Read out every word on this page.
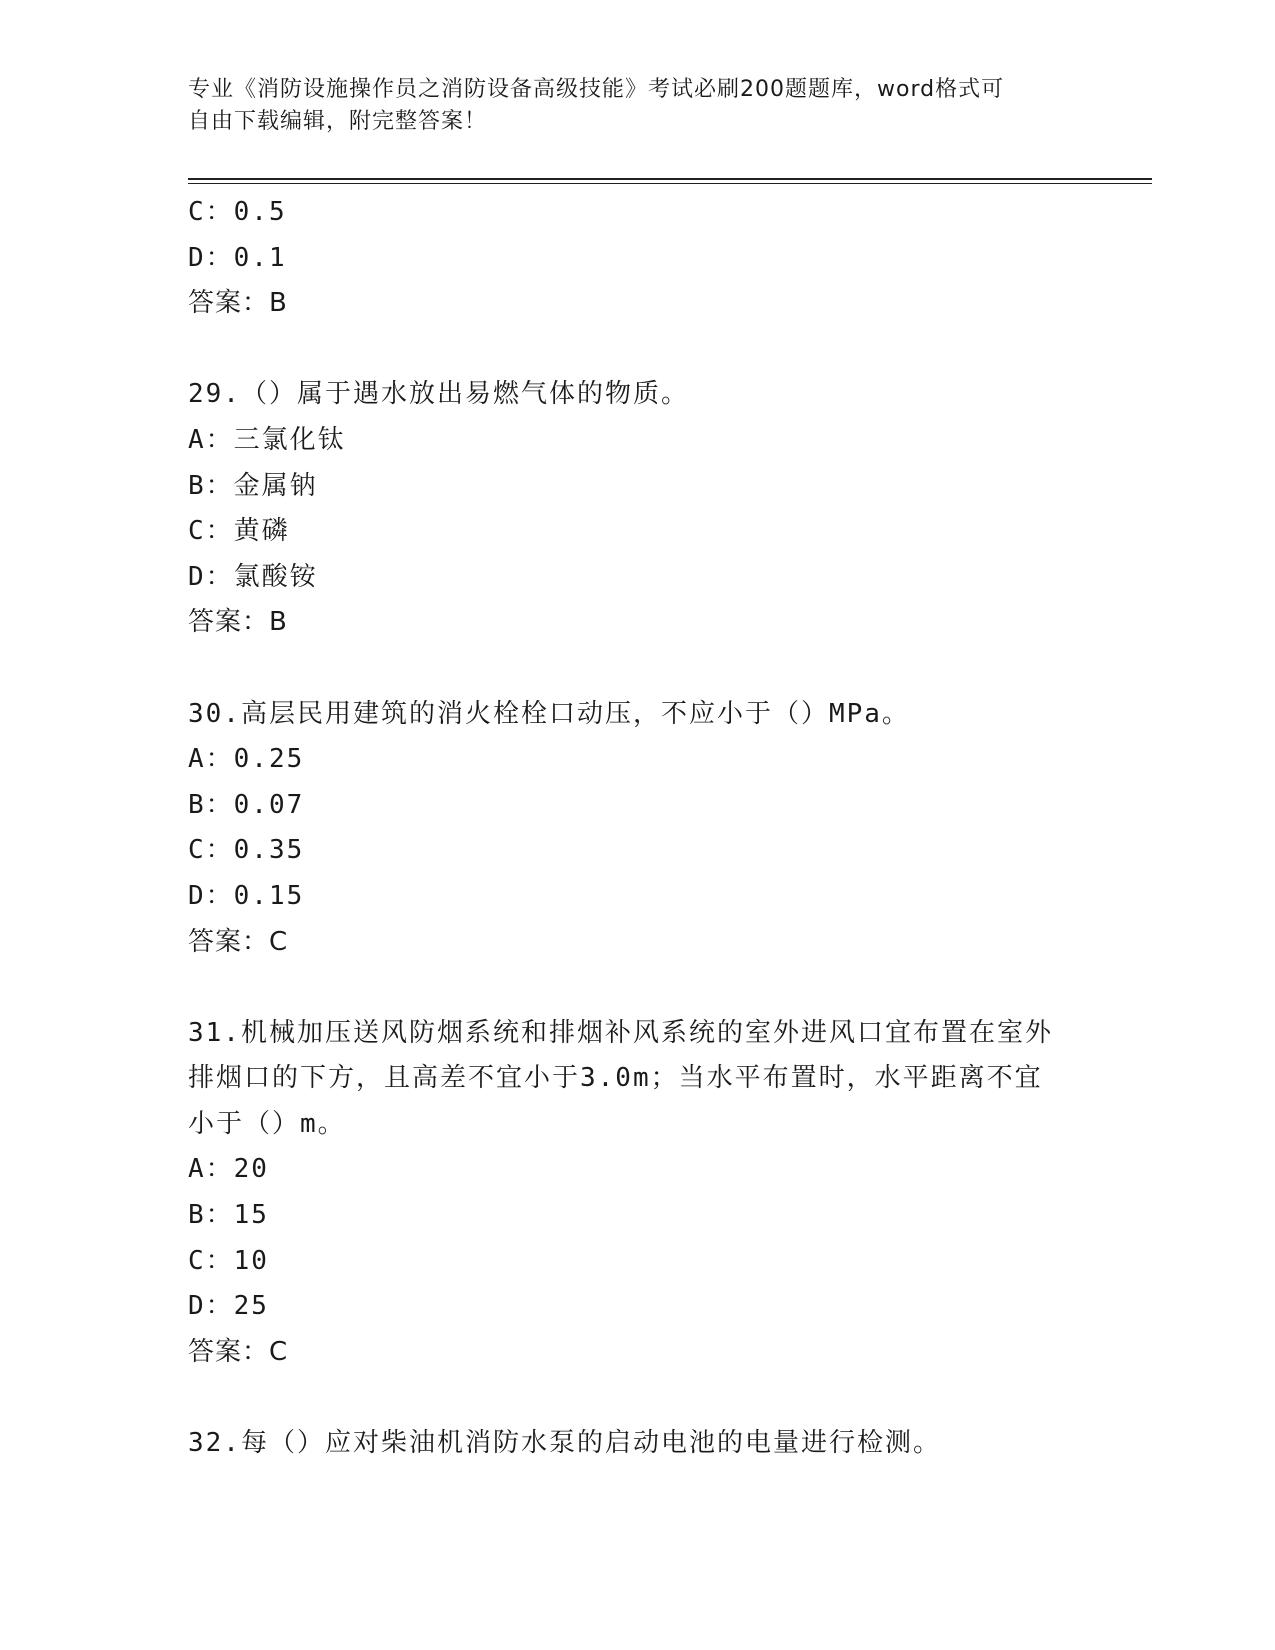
专业《消防设施操作员之消防设备高级技能》考试必刷200题题库，word格式可
自由下载编辑，附完整答案！
C：0.5
D：0.1
答案：B
29.（）属于遇水放出易燃气体的物质。
A：三氯化钛
B：金属钠
C：黄磷
D：氯酸铵
答案：B
30.高层民用建筑的消火栓栓口动压，不应小于（）MPa。
A：0.25
B：0.07
C：0.35
D：0.15
答案：C
31.机械加压送风防烟系统和排烟补风系统的室外进风口宜布置在室外
排烟口的下方，且高差不宜小于3.0m；当水平布置时，水平距离不宜
小于（）m。
A：20
B：15
C：10
D：25
答案：C
32.每（）应对柴油机消防水泵的启动电池的电量进行检测。
